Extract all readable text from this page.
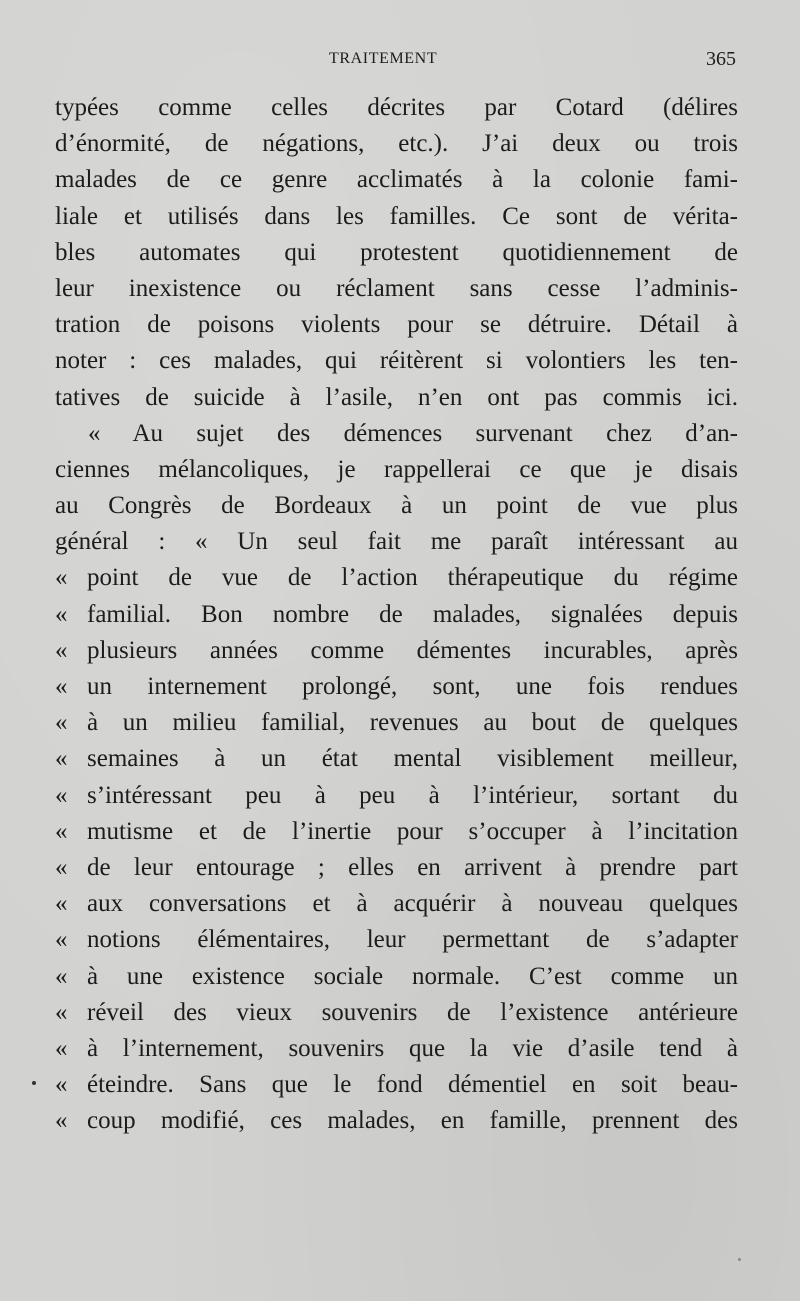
TRAITEMENT	365
typées comme celles décrites par Cotard (délires
d’énormité, de négations, etc.). J’ai deux ou trois
malades de ce genre acclimatés à la colonie fami-
liale et utilisés dans les familles. Ce sont de vérita-
bles automates qui protestent quotidiennement de
leur inexistence ou réclament sans cesse l’adminis-
tration de poisons violents pour se détruire. Détail à
noter : ces malades, qui réitèrent si volontiers les ten-
tatives de suicide à l’asile, n’en ont pas commis ici.
« Au sujet des démences survenant chez d’an-
ciennes mélancoliques, je rappellerai ce que je disais
au Congrès de Bordeaux à un point de vue plus
général : « Un seul fait me paraît intéressant au
« point de vue de l’action thérapeutique du régime
« familial. Bon nombre de malades, signalées depuis
« plusieurs années comme démentes incurables, après
« un internement prolongé, sont, une fois rendues
« à un milieu familial, revenues au bout de quelques
« semaines à un état mental visiblement meilleur,
« s’intéressant peu à peu à l’intérieur, sortant du
« mutisme et de l’inertie pour s’occuper à l’incitation
« de leur entourage ; elles en arrivent à prendre part
« aux conversations et à acquérir à nouveau quelques
« notions élémentaires, leur permettant de s’adapter
« à une existence sociale normale. C’est comme un
« réveil des vieux souvenirs de l’existence antérieure
« à l’internement, souvenirs que la vie d’asile tend à
« éteindre. Sans que le fond démentiel en soit beau-
« coup modifié, ces malades, en famille, prennent des
